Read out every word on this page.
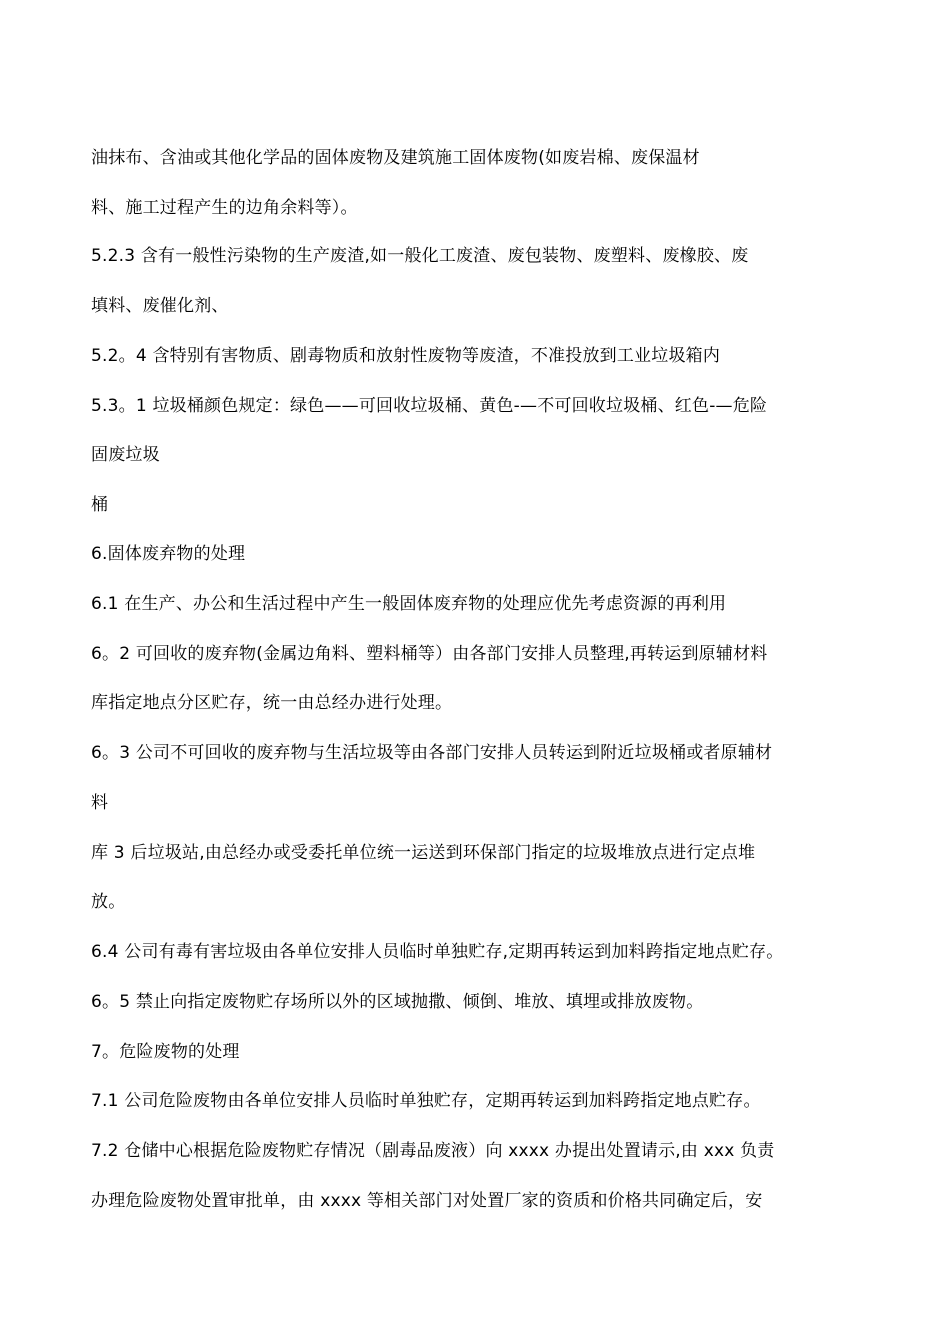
油抹布、含油或其他化学品的固体废物及建筑施工固体废物(如废岩棉、废保温材
料、施工过程产生的边角余料等）。
5.2.3 含有一般性污染物的生产废渣,如一般化工废渣、废包装物、废塑料、废橡胶、废
填料、废催化剂、
5.2。4 含特别有害物质、剧毒物质和放射性废物等废渣，不准投放到工业垃圾箱内
5.3。1 垃圾桶颜色规定：绿色——可回收垃圾桶、黄色-—不可回收垃圾桶、红色-—危险
固废垃圾
桶
6.固体废弃物的处理
6.1 在生产、办公和生活过程中产生一般固体废弃物的处理应优先考虑资源的再利用
6。2 可回收的废弃物(金属边角料、塑料桶等）由各部门安排人员整理,再转运到原辅材料
库指定地点分区贮存，统一由总经办进行处理。
6。3 公司不可回收的废弃物与生活垃圾等由各部门安排人员转运到附近垃圾桶或者原辅材
料
库 3 后垃圾站,由总经办或受委托单位统一运送到环保部门指定的垃圾堆放点进行定点堆
放。
6.4 公司有毒有害垃圾由各单位安排人员临时单独贮存,定期再转运到加料跨指定地点贮存。
6。5 禁止向指定废物贮存场所以外的区域抛撒、倾倒、堆放、填埋或排放废物。
7。危险废物的处理
7.1 公司危险废物由各单位安排人员临时单独贮存，定期再转运到加料跨指定地点贮存。
7.2 仓储中心根据危险废物贮存情况（剧毒品废液）向 xxxx 办提出处置请示,由 xxx 负责
办理危险废物处置审批单，由 xxxx 等相关部门对处置厂家的资质和价格共同确定后，安
